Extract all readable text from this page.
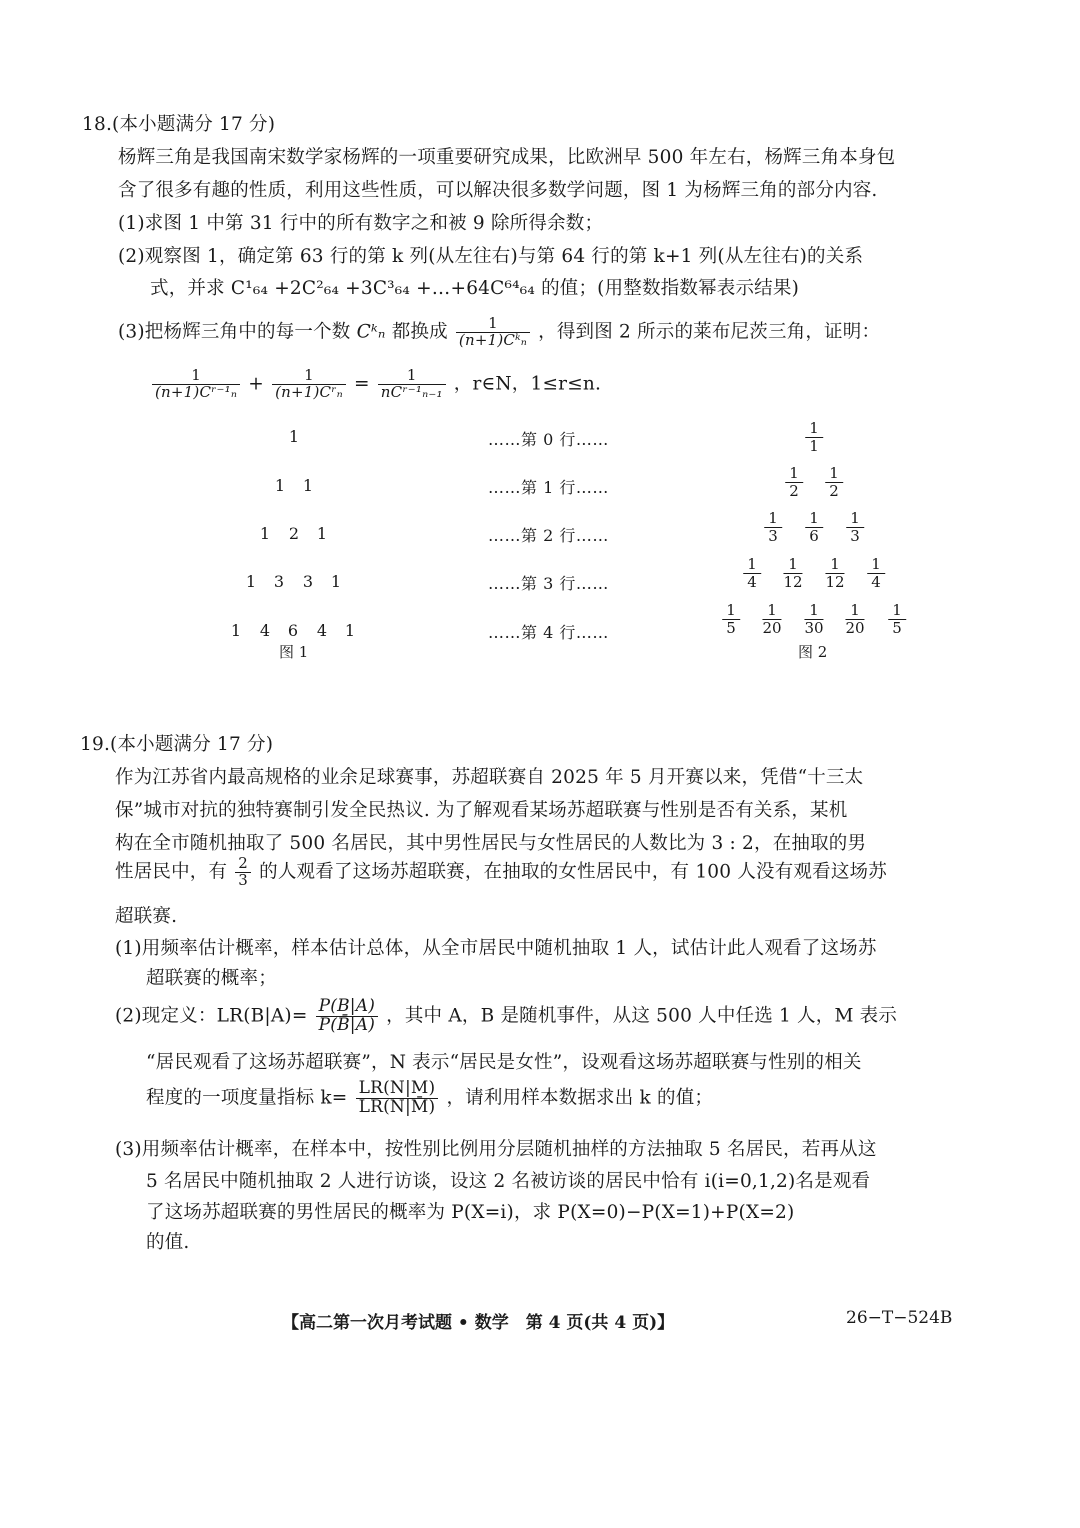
18.(本小题满分 17 分)
杨辉三角是我国南宋数学家杨辉的一项重要研究成果，比欧洲早 500 年左右，杨辉三角本身包
含了很多有趣的性质，利用这些性质，可以解决很多数学问题，图 1 为杨辉三角的部分内容.
(1)求图 1 中第 31 行中的所有数字之和被 9 除所得余数；
(2)观察图 1，确定第 63 行的第 k 列(从左往右)与第 64 行的第 k+1 列(从左往右)的关系
式，并求 C¹₆₄ +2C²₆₄ +3C³₆₄ +…+64C⁶⁴₆₄ 的值；(用整数指数幂表示结果)
(3)把杨辉三角中的每一个数 Cᵏₙ 都换成 $\frac{1}{\text{(n+1)Cᵏₙ}}$ ，得到图 2 所示的莱布尼茨三角，证明：
$\frac{1}{\text{(n+1)Cʳ⁻¹ₙ}} + \frac{1}{\text{(n+1)Cʳₙ}} = \frac{1}{\text{nCʳ⁻¹ₙ₋₁}}$ ，r∈N，1≤r≤n.
1
1 1
1 2 1
1 3 3 1
1 4 6 4 1
图 1
……第 0 行……
……第 1 行……
……第 2 行……
……第 3 行……
……第 4 行……
$\frac{1}{1}$
$\frac{1}{2} \frac{1}{2}$
$\frac{1}{3} \frac{1}{6} \frac{1}{3}$
$\frac{1}{4} \frac{1}{12} \frac{1}{12} \frac{1}{4}$
$\frac{1}{5} \frac{1}{20} \frac{1}{30} \frac{1}{20} \frac{1}{5}$
图 2
19.(本小题满分 17 分)
作为江苏省内最高规格的业余足球赛事，苏超联赛自 2025 年 5 月开赛以来，凭借“十三太
保”城市对抗的独特赛制引发全民热议. 为了解观看某场苏超联赛与性别是否有关系，某机
构在全市随机抽取了 500 名居民，其中男性居民与女性居民的人数比为 3 : 2，在抽取的男
性居民中，有 $\frac{2}{3}$ 的人观看了这场苏超联赛，在抽取的女性居民中，有 100 人没有观看这场苏
超联赛.
(1)用频率估计概率，样本估计总体，从全市居民中随机抽取 1 人，试估计此人观看了这场苏
超联赛的概率；
(2)现定义：$LR(B|A)= \frac{P(B|A)}{P(B̄|A)}$ ，其中 A，B 是随机事件，从这 500 人中任选 1 人，M 表示
“居民观看了这场苏超联赛”，N 表示“居民是女性”，设观看这场苏超联赛与性别的相关
程度的一项度量指标 $k= \frac{LR(N|M)}{LR(N|M̄)}$ ，请利用样本数据求出 k 的值；
(3)用频率估计概率，在样本中，按性别比例用分层随机抽样的方法抽取 5 名居民，若再从这
5 名居民中随机抽取 2 人进行访谈，设这 2 名被访谈的居民中恰有 i(i=0,1,2)名是观看
了这场苏超联赛的男性居民的概率为 P(X=i)，求 P(X=0)−P(X=1)+P(X=2)
的值.
【高二第一次月考试题 • 数学　第 4 页(共 4 页)】	26−T−524B
